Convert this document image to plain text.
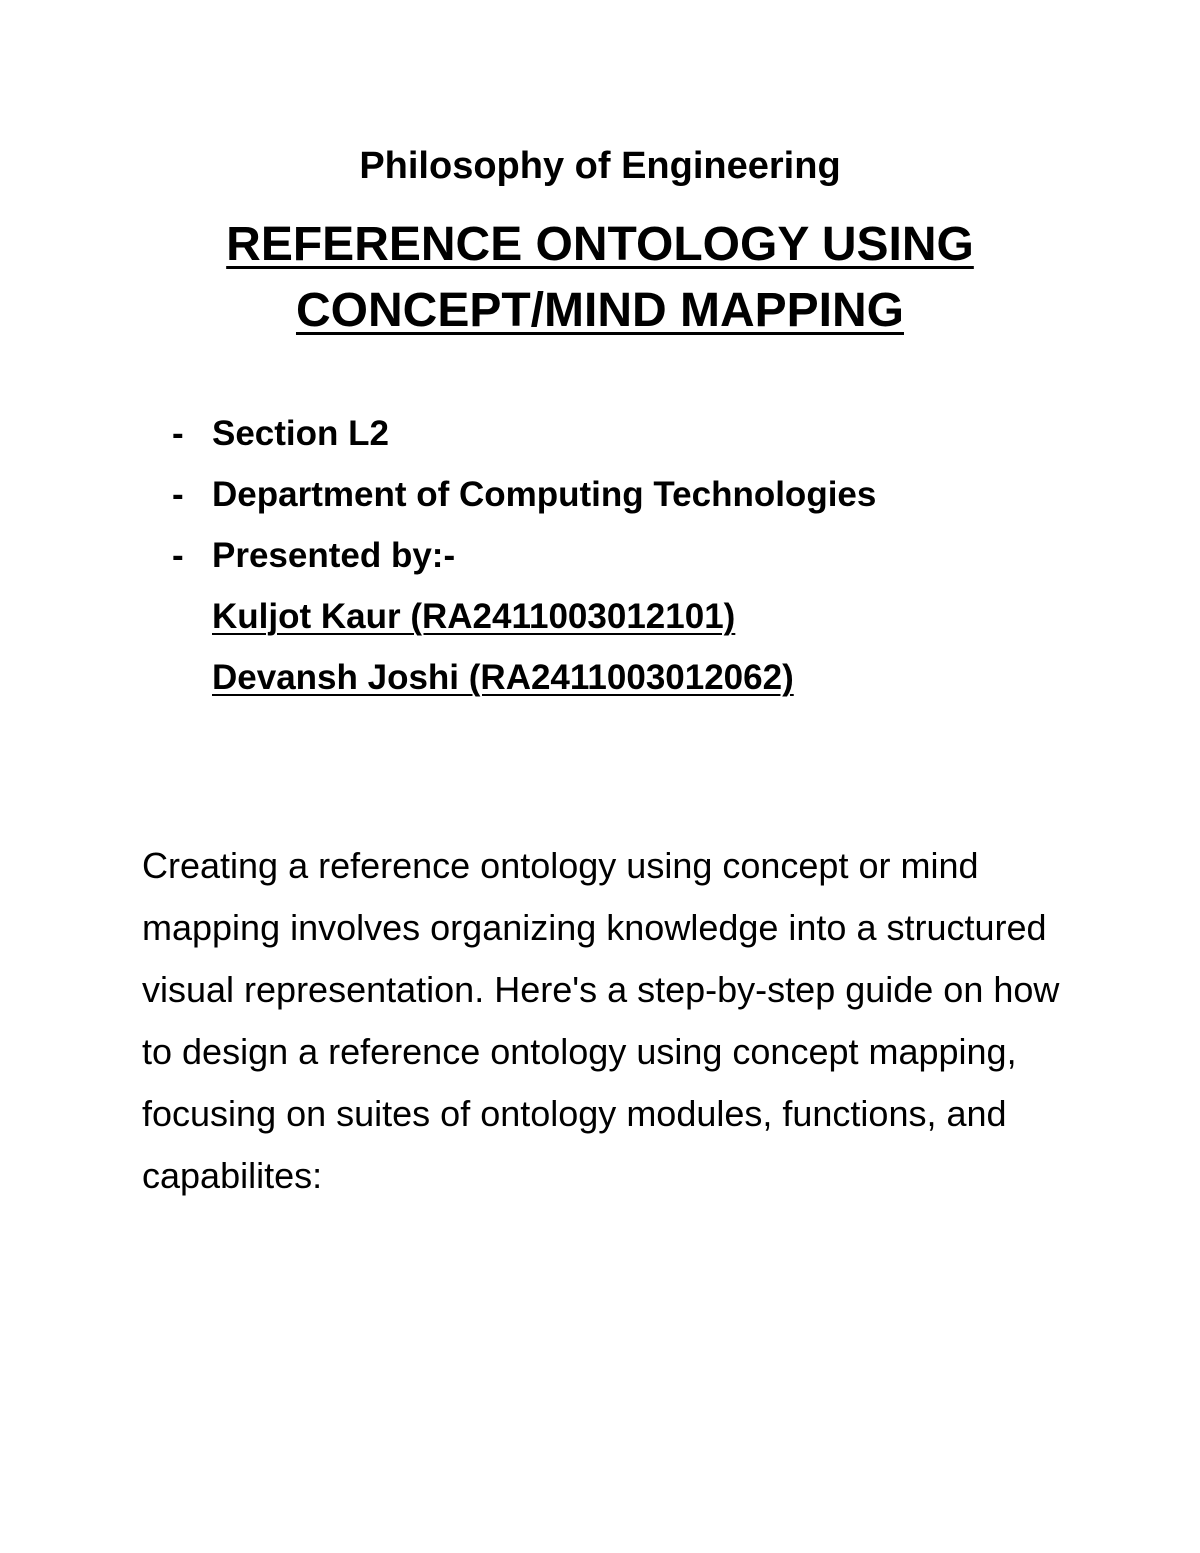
Philosophy of Engineering
REFERENCE ONTOLOGY USING CONCEPT/MIND MAPPING
- Section L2
- Department of Computing Technologies
- Presented by:-
Kuljot Kaur (RA2411003012101)
Devansh Joshi (RA2411003012062)

Creating a reference ontology using concept or mind mapping involves organizing knowledge into a structured visual representation. Here's a step-by-step guide on how to design a reference ontology using concept mapping, focusing on suites of ontology modules, functions, and capabilites:
